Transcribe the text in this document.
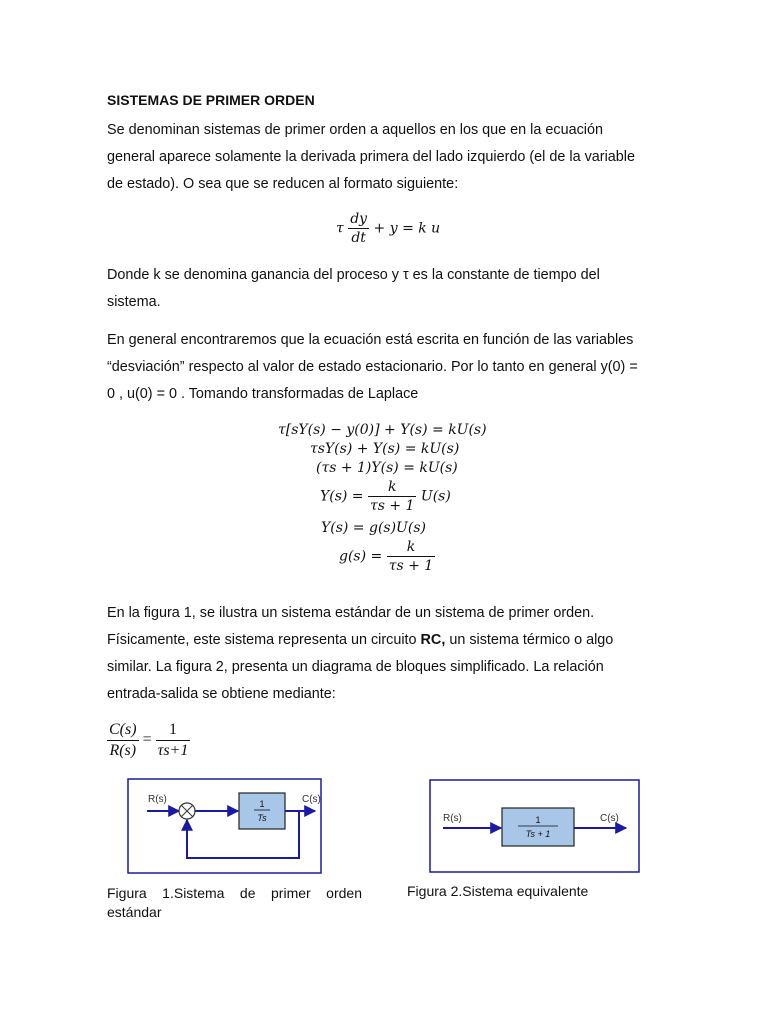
SISTEMAS DE PRIMER ORDEN
Se denominan sistemas de primer orden a aquellos en los que en la ecuación
general aparece solamente la derivada primera del lado izquierdo (el de la variable
de estado). O sea que se reducen al formato siguiente:
τ $\frac{dy}{dt} + y = k$ u
Donde k se denomina ganancia del proceso y τ es la constante de tiempo del
sistema.
En general encontraremos que la ecuación está escrita en función de las variables
“desviación” respecto al valor de estado estacionario. Por lo tanto en general y(0) =
0 , u(0) = 0 . Tomando transformadas de Laplace
τ[sY(s) − y(0)] + Y(s) = kU(s)
τsY(s) + Y(s) = kU(s)
(τs + 1)Y(s) = kU(s)
$Y(s) = \frac{k}{\tau s + 1} U(s)$
Y(s) = g(s)U(s)
$g(s) = \frac{k}{\tau s + 1}$
En la figura 1, se ilustra un sistema estándar de un sistema de primer orden.
Físicamente, este sistema representa un circuito RC, un sistema térmico o algo
similar. La figura 2, presenta un diagrama de bloques simplificado. La relación
entrada-salida se obtiene mediante:
$\frac{C(s)}{R(s)} = \frac{1}{\tau s+1}$
R(s)	C(s)
1
Ts
Figura 1.Sistema de primer orden
estándar
R(s)	C(s)
1
Ts + 1
Figura 2.Sistema equivalente
